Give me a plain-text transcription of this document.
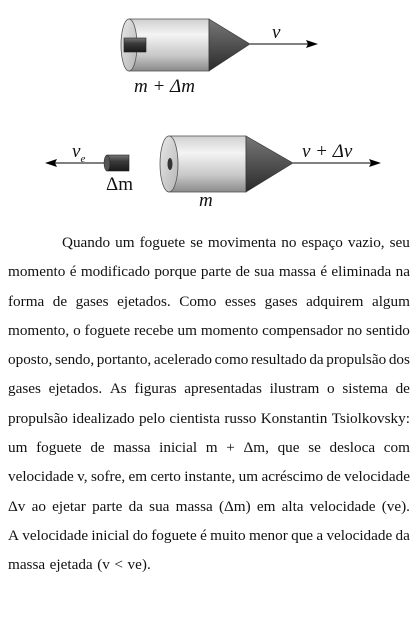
v
m + Δm
$v_e$
Δm
v + Δv
m
Quando um foguete se movimenta no espaço vazio, seu
momento é modificado porque parte de sua massa é eliminada na
forma de gases ejetados. Como esses gases adquirem algum
momento, o foguete recebe um momento compensador no sentido
oposto, sendo, portanto, acelerado como resultado da propulsão dos
gases ejetados. As figuras apresentadas ilustram o sistema de
propulsão idealizado pelo cientista russo Konstantin Tsiolkovsky:
um foguete de massa inicial m + Δm, que se desloca com
velocidade v, sofre, em certo instante, um acréscimo de velocidade
Δv ao ejetar parte da sua massa (Δm) em alta velocidade (ve).
A velocidade inicial do foguete é muito menor que a velocidade da
massa ejetada (v < ve).
